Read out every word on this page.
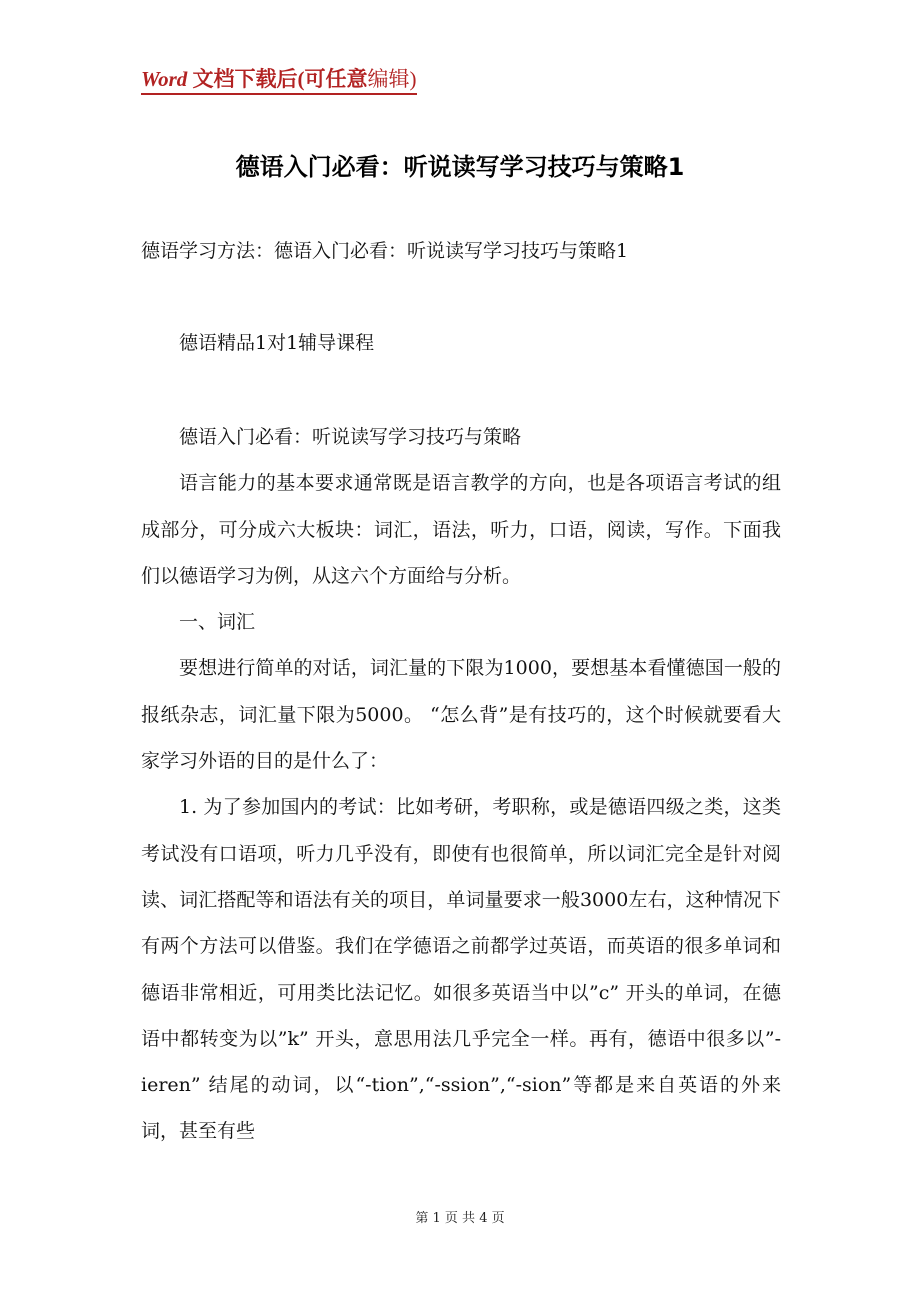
Word 文档下载后(可任意编辑)
德语入门必看：听说读写学习技巧与策略1
德语学习方法：德语入门必看：听说读写学习技巧与策略1

德语精品1对1辅导课程

德语入门必看：听说读写学习技巧与策略

语言能力的基本要求通常既是语言教学的方向，也是各项语言考试的组成部分，可分成六大板块：词汇，语法，听力，口语，阅读，写作。下面我们以德语学习为例，从这六个方面给与分析。

一、词汇

要想进行简单的对话，词汇量的下限为1000，要想基本看懂德国一般的报纸杂志，词汇量下限为5000。 “怎么背”是有技巧的，这个时候就要看大家学习外语的目的是什么了：

1. 为了参加国内的考试：比如考研，考职称，或是德语四级之类，这类考试没有口语项，听力几乎没有，即使有也很简单，所以词汇完全是针对阅读、词汇搭配等和语法有关的项目，单词量要求一般3000左右，这种情况下有两个方法可以借鉴。我们在学德语之前都学过英语，而英语的很多单词和德语非常相近，可用类比法记忆。如很多英语当中以”c” 开头的单词，在德语中都转变为以”k” 开头，意思用法几乎完全一样。再有，德语中很多以”-ieren” 结尾的动词，以“-tion”,“-ssion”,“-sion”等都是来自英语的外来词，甚至有些

第 1 页 共 4 页
